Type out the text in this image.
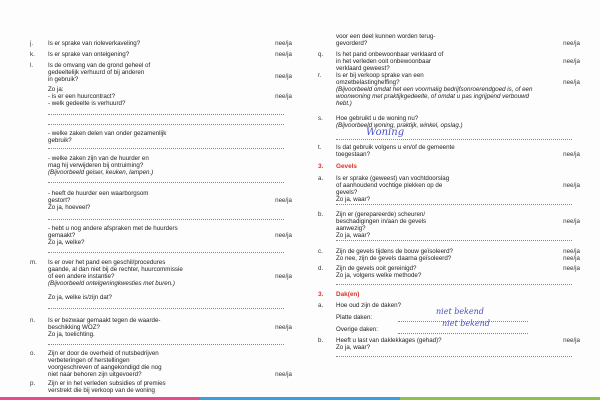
j.	Is er sprake van rioleverkaveling?	nee/ja
k.	Is er sprake van ontelgening?	nee/ja
l.	Is de omvang van de grond geheel of
gedeeltelijk verhuurd of bij anderen
in gebruik?	nee/ja
Zo ja:
- is er een huurcontract?	nee/ja
- welk gedeelte is verhuurd?
- welke zaken delen van onder gezamenlijk
gebruik?
- welke zaken zijn van de huurder en
mag hij verwijderen bij ontruiming?
(Bijvoorbeeld geiser, keuken, lampen.)
- heeft de huurder een waarborgsom
gestort?
Zo ja, hoeveel?
nee/ja
- hebt u nog andere afspraken met de huurders
gemaakt?
Zo ja, welke?
nee/ja
m.	Is er over het pand een geschil/procedures
gaande, al dan niet bij de rechter, huurcommissie
of een andere instantie?	nee/ja
(Bijvoorbeeld ontelgeningkwesties met buren.)
Zo ja, welke is/zijn dat?
n.	Is er bezwaar gemaakt tegen de waarde-
beschikking WOZ?
Zo ja, toelichting.
nee/ja
o.	Zijn er door de overheid of nutsbedrijven
verbeteringen of herstellingen
voorgeschreven of aangekondigd die nog
niet naar behoren zijn uitgevoerd?	nee/ja
p.	Zijn er in het verleden subsidies of premies
verstrekt die bij verkoop van de woning
voor een deel kunnen worden terug-
gevorderd?	nee/ja
q.	Is het pand onbewoonbaar verklaard of
in het verleden ooit onbewoonbaar
verklaard geweest?
nee/ja
r.	Is er bij verkoop sprake van een
omzetbelastingheffing?	nee/ja
(Bijvoorbeeld omdat het een voormalig bedrijfsonroerendgoed is, of een woonwoning met praktijkgedeelte, of omdat u pas ingrijpend verbouwd hebt.)
s.	Hoe gebruikt u de woning nu?
(Bijvoorbeeld woning, praktijk, winkel, opslag.)
Woning
t.	Is dat gebruik volgens u en/of de gemeente
toegestaan?	nee/ja
3. Gevels
a.	Is er sprake (geweest) van vochtdoorslag
of aanhoudend vochtige plekken op de
gevels?
Zo ja, waar?
nee/ja
b.	Zijn er (gerepareerde) scheuren/
beschadigingen in/aan de gevels
aanwezig?
Zo ja, waar?
nee/ja
c.	Zijn de gevels tijdens de bouw geïsoleerd?
Zo nee, zijn de gevels daarna geïsoleerd?
nee/ja
nee/ja
d.	Zijn de gevels ooit gereinigd?
Zo ja, volgens welke methode?
nee/ja
3. Dak(en)
a.	Hoe oud zijn de daken?
Platte daken:
niet bekend
Overige daken:
niet bekend
b.	Heeft u last van daklekkages (gehad)?
Zo ja, waar?
nee/ja
